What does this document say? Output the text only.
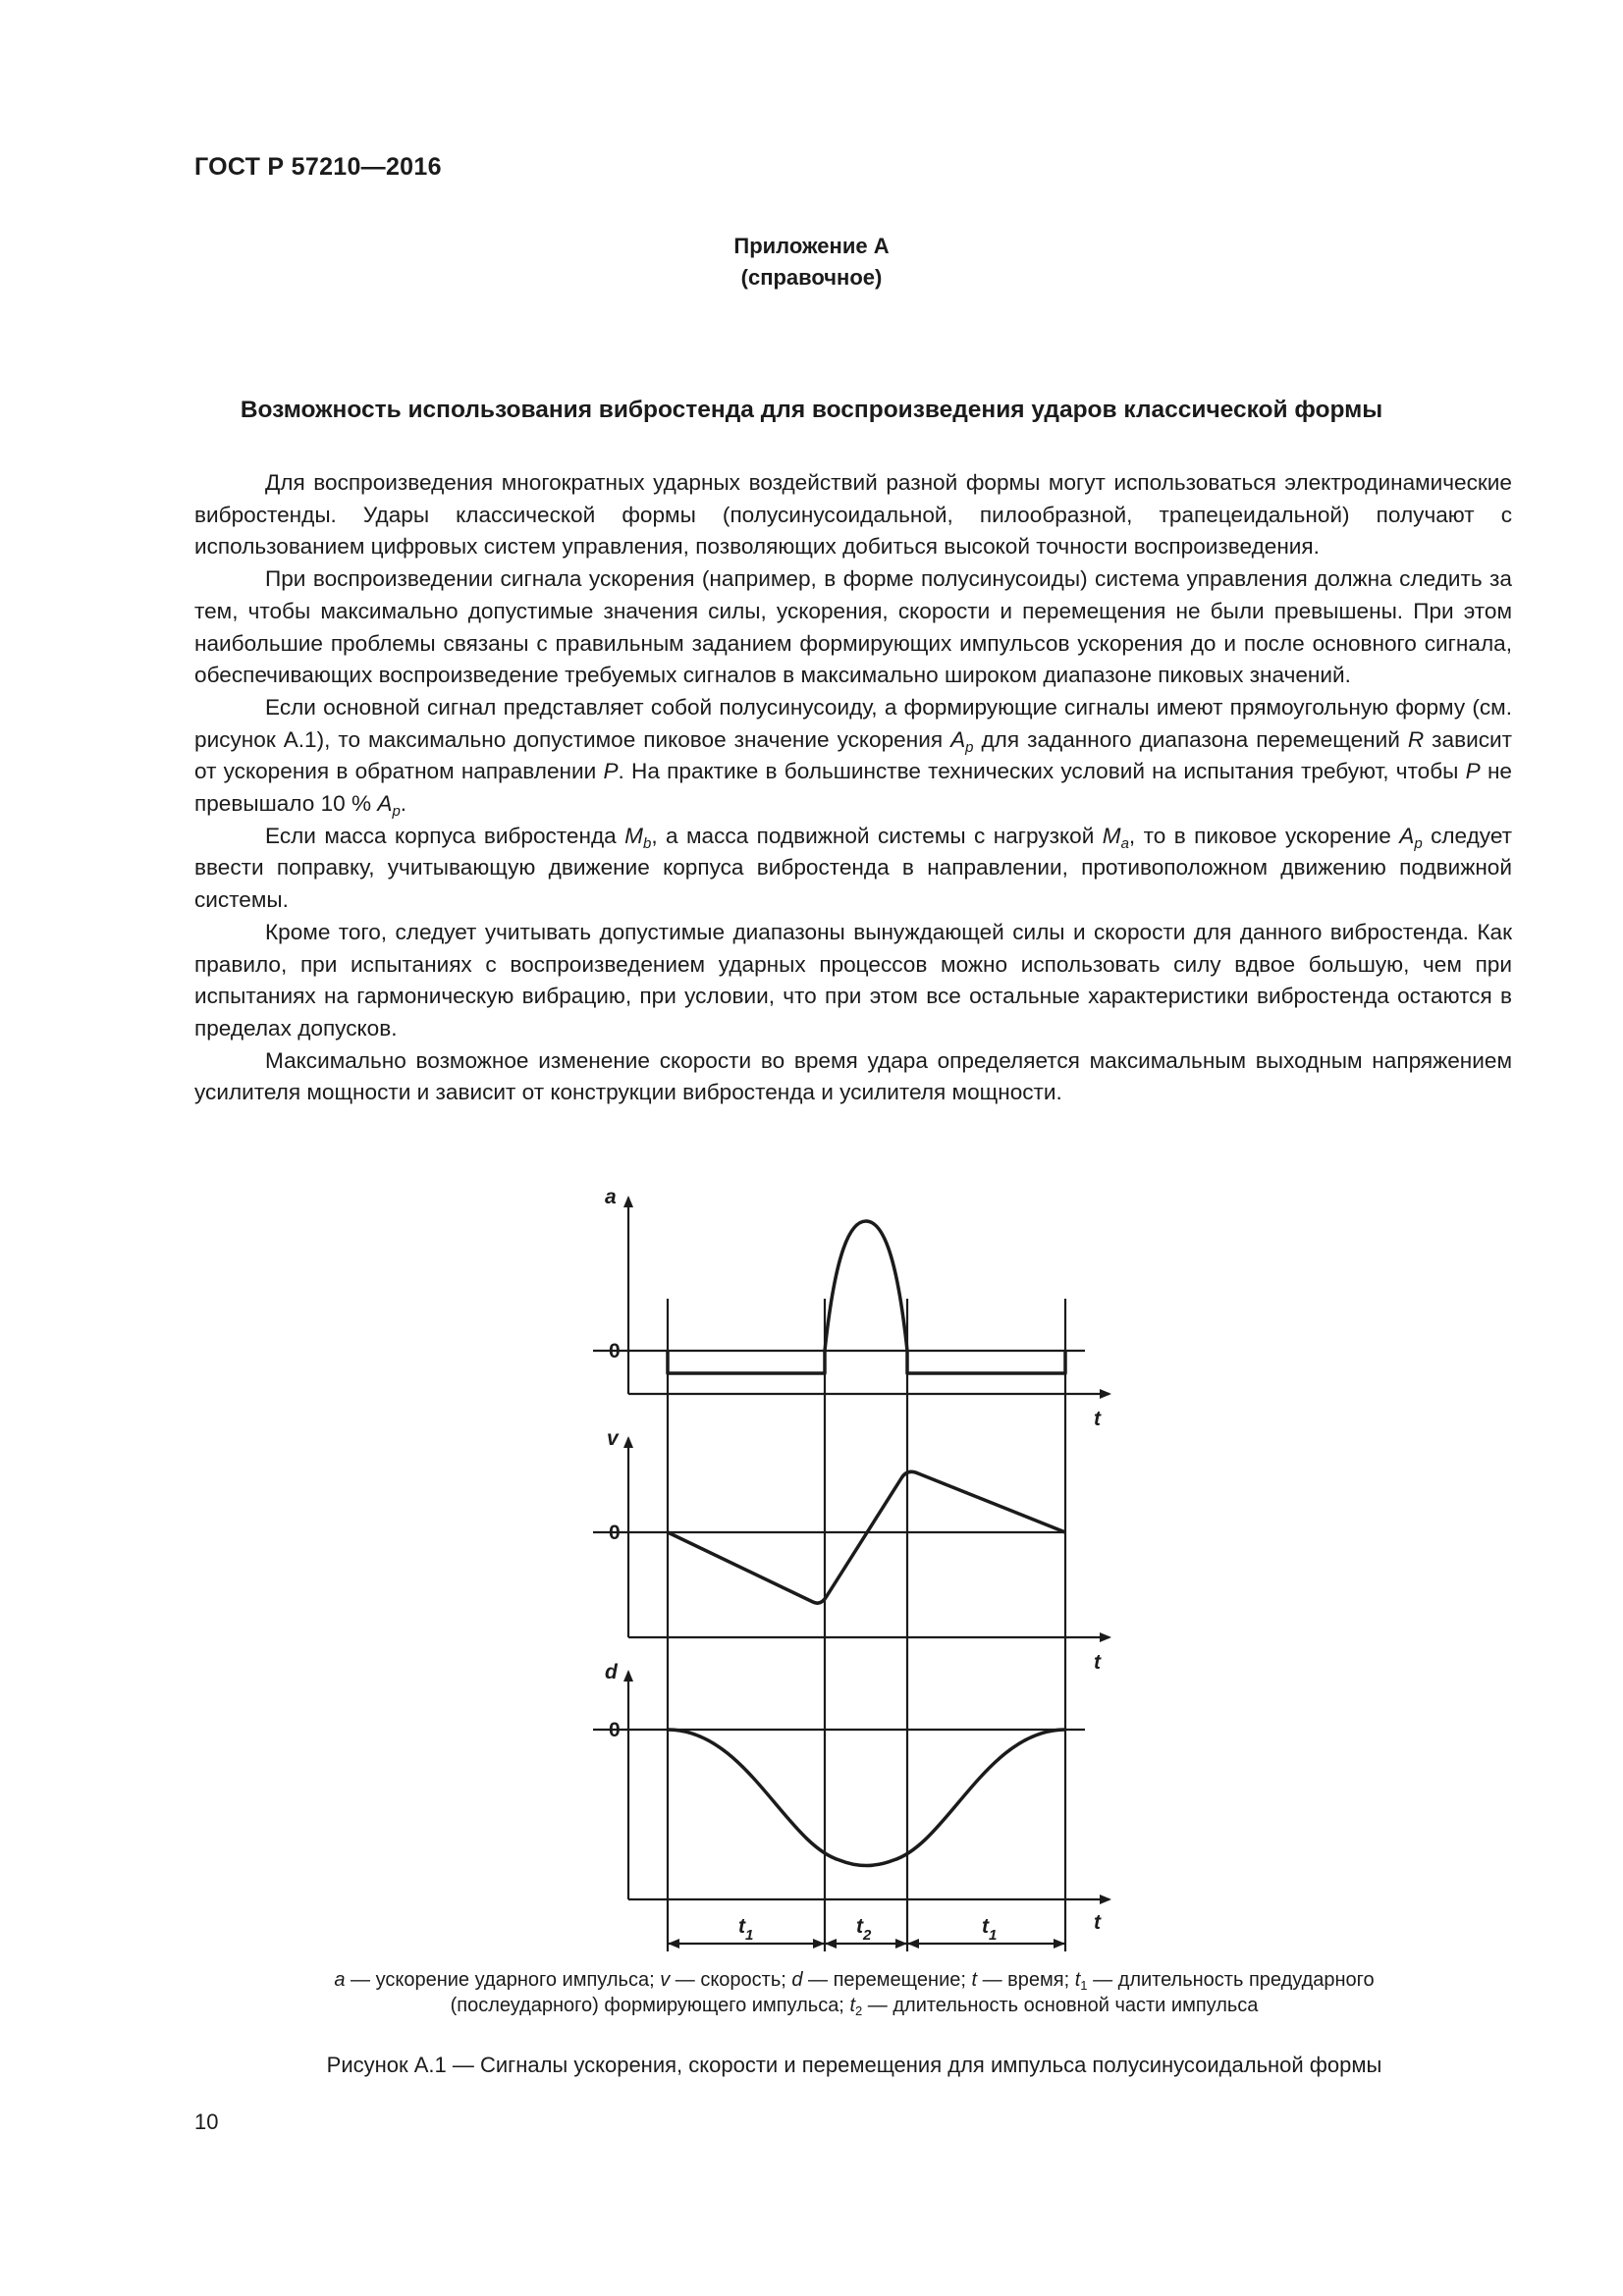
ГОСТ Р 57210—2016
Приложение А
(справочное)
Возможность использования вибростенда для воспроизведения ударов классической формы

Для воспроизведения многократных ударных воздействий разной формы могут использоваться электродинамические вибростенды. Удары классической формы (полусинусоидальной, пилообразной, трапецеидальной) получают с использованием цифровых систем управления, позволяющих добиться высокой точности воспроизведения.

При воспроизведении сигнала ускорения (например, в форме полусинусоиды) система управления должна следить за тем, чтобы максимально допустимые значения силы, ускорения, скорости и перемещения не были превышены. При этом наибольшие проблемы связаны с правильным заданием формирующих импульсов ускорения до и после основного сигнала, обеспечивающих воспроизведение требуемых сигналов в максимально широком диапазоне пиковых значений.

Если основной сигнал представляет собой полусинусоиду, а формирующие сигналы имеют прямоугольную форму (см. рисунок А.1), то максимально допустимое пиковое значение ускорения $A_p$ для заданного диапазона перемещений R зависит от ускорения в обратном направлении P. На практике в большинстве технических условий на испытания требуют, чтобы P не превышало 10 % $A_p$.

Если масса корпуса вибростенда $M_b$, а масса подвижной системы с нагрузкой $M_a$, то в пиковое ускорение $A_p$ следует ввести поправку, учитывающую движение корпуса вибростенда в направлении, противоположном движению подвижной системы.

Кроме того, следует учитывать допустимые диапазоны вынуждающей силы и скорости для данного вибростенда. Как правило, при испытаниях с воспроизведением ударных процессов можно использовать силу вдвое большую, чем при испытаниях на гармоническую вибрацию, при условии, что при этом все остальные характеристики вибростенда остаются в пределах допусков.

Максимально возможное изменение скорости во время удара определяется максимальным выходным напряжением усилителя мощности и зависит от конструкции вибростенда и усилителя мощности.

a
v
d
0
0
0
t
t
t
$t_1$	$t_2$	$t_1$
a — ускорение ударного импульса; v — скорость; d — перемещение; t — время; $t_1$ — длительность предударного
(послеударного) формирующего импульса; $t_2$ — длительность основной части импульса
Рисунок А.1 — Сигналы ускорения, скорости и перемещения для импульса полусинусоидальной формы
10
